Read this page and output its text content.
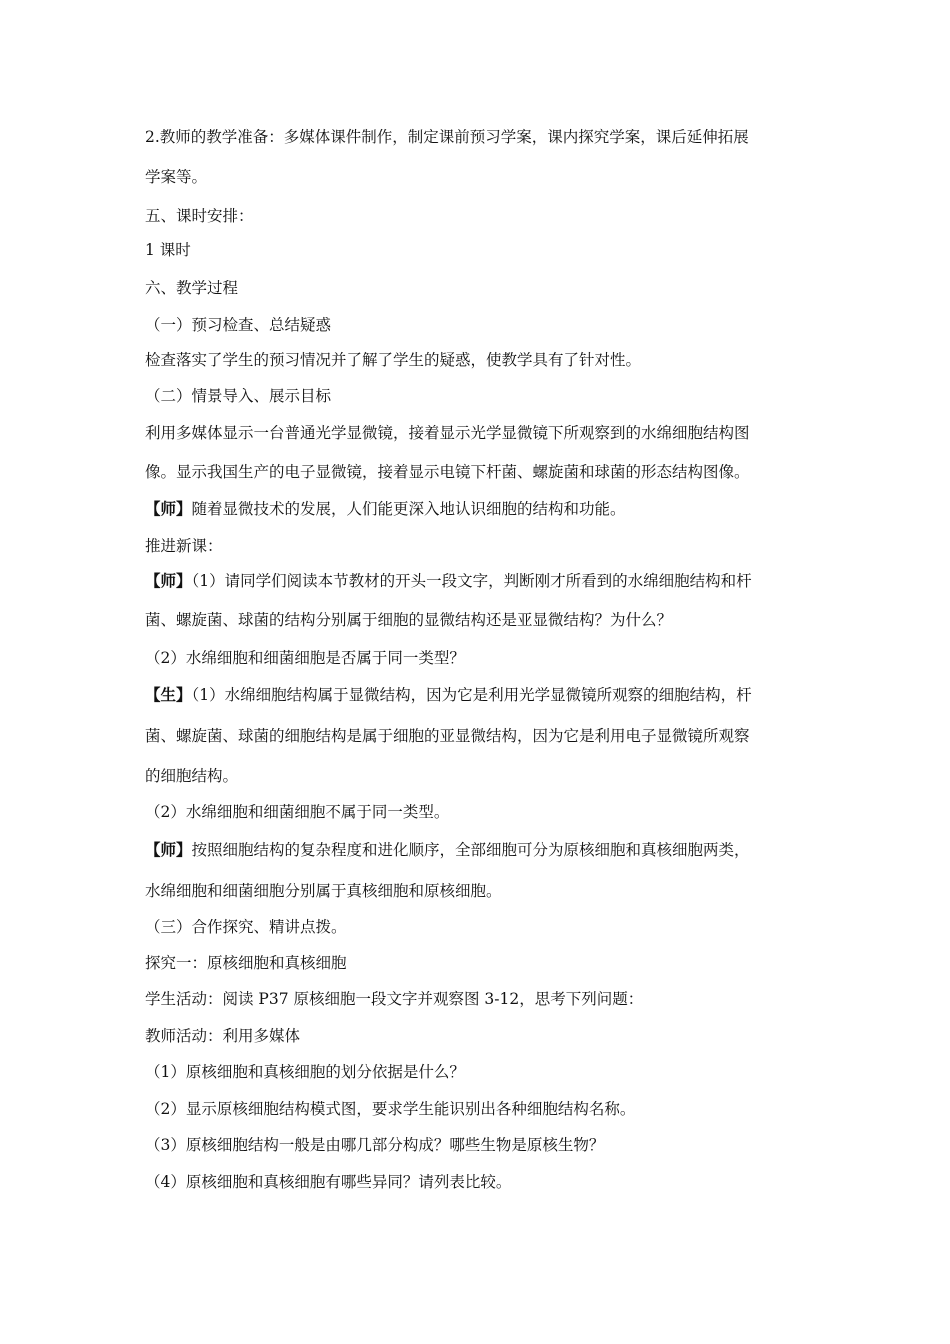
2.教师的教学准备：多媒体课件制作，制定课前预习学案，课内探究学案，课后延伸拓展
学案等。
五、课时安排：
1 课时
六、教学过程
（一）预习检查、总结疑惑
检查落实了学生的预习情况并了解了学生的疑惑，使教学具有了针对性。
（二）情景导入、展示目标
利用多媒体显示一台普通光学显微镜，接着显示光学显微镜下所观察到的水绵细胞结构图
像。显示我国生产的电子显微镜，接着显示电镜下杆菌、螺旋菌和球菌的形态结构图像。
【师】随着显微技术的发展，人们能更深入地认识细胞的结构和功能。
推进新课：
【师】（1）请同学们阅读本节教材的开头一段文字，判断刚才所看到的水绵细胞结构和杆
菌、螺旋菌、球菌的结构分别属于细胞的显微结构还是亚显微结构？为什么？
（2）水绵细胞和细菌细胞是否属于同一类型？
【生】（1）水绵细胞结构属于显微结构，因为它是利用光学显微镜所观察的细胞结构，杆
菌、螺旋菌、球菌的细胞结构是属于细胞的亚显微结构，因为它是利用电子显微镜所观察
的细胞结构。
（2）水绵细胞和细菌细胞不属于同一类型。
【师】按照细胞结构的复杂程度和进化顺序，全部细胞可分为原核细胞和真核细胞两类，
水绵细胞和细菌细胞分别属于真核细胞和原核细胞。
（三）合作探究、精讲点拨。
探究一：原核细胞和真核细胞
学生活动：阅读 P37 原核细胞一段文字并观察图 3-12，思考下列问题：
教师活动：利用多媒体
（1）原核细胞和真核细胞的划分依据是什么？
（2）显示原核细胞结构模式图，要求学生能识别出各种细胞结构名称。
（3）原核细胞结构一般是由哪几部分构成？哪些生物是原核生物？
（4）原核细胞和真核细胞有哪些异同？请列表比较。
